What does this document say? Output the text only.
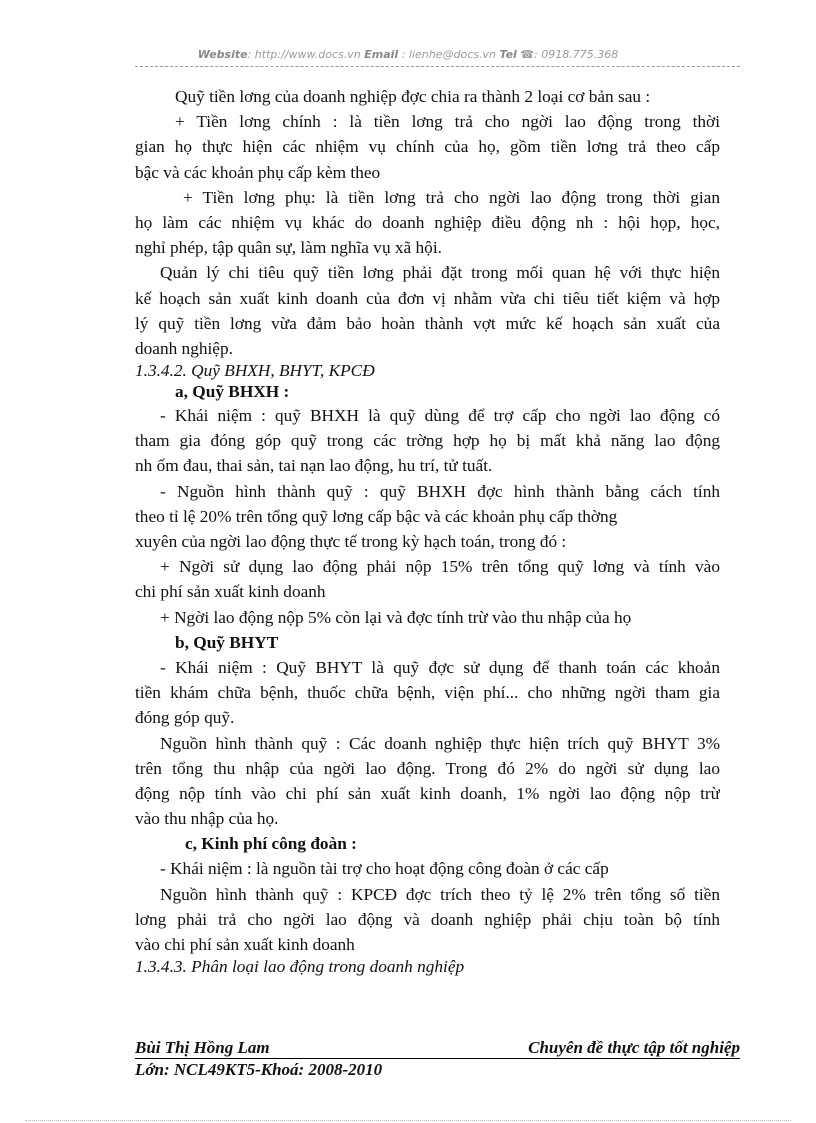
Website: http://www.docs.vn Email : lienhe@docs.vn Tel ☎: 0918.775.368
Quỹ tiền lơng của doanh nghiệp đợc chia ra thành 2 loại cơ bản sau :
+ Tiền lơng chính : là tiền lơng trả cho ngời lao động trong thời
gian họ thực hiện các nhiệm vụ chính của họ, gồm tiền lơng trả theo cấp
bậc và các khoản phụ cấp kèm theo
+ Tiền lơng phụ: là tiền lơng trả cho ngời lao động trong thời gian
họ làm các nhiệm vụ khác do doanh nghiệp điều động nh : hội họp, học,
nghỉ phép, tập quân sự, làm nghĩa vụ xã hội.
Quản lý chi tiêu quỹ tiền lơng phải đặt trong mối quan hệ với thực hiện
kế hoạch sản xuất kinh doanh của đơn vị nhằm vừa chi tiêu tiết kiệm và hợp
lý quỹ tiền lơng vừa đảm bảo hoàn thành vợt mức kế hoạch sản xuất của
doanh nghiệp.
1.3.4.2. Quỹ BHXH, BHYT, KPCĐ
a, Quỹ BHXH :
- Khái niệm : quỹ BHXH là quỹ dùng để trợ cấp cho ngời lao động có
tham gia đóng góp quỹ trong các trờng hợp họ bị mất khả năng lao động
nh ốm đau, thai sản, tai nạn lao động, hu trí, tử tuất.
- Nguồn hình thành quỹ : quỹ BHXH đợc hình thành bằng cách tính
theo tỉ lệ 20% trên tổng quỹ lơng cấp bậc và các khoản phụ cấp thờng
xuyên của ngời lao động thực tế trong kỳ hạch toán, trong đó :
+ Ngời sử dụng lao động phải nộp 15% trên tổng quỹ lơng và tính vào
chi phí sản xuất kinh doanh
+ Ngời lao động nộp 5% còn lại và đợc tính trừ vào thu nhập của họ
b, Quỹ BHYT
- Khái niệm : Quỹ BHYT là quỹ đợc sử dụng để thanh toán các khoản
tiền khám chữa bệnh, thuốc chữa bệnh, viện phí... cho những ngời tham gia
đóng góp quỹ.
Nguồn hình thành quỹ : Các doanh nghiệp thực hiện trích quỹ BHYT 3%
trên tổng thu nhập của ngời lao động. Trong đó 2% do ngời sử dụng lao
động nộp tính vào chi phí sản xuất kinh doanh, 1% ngời lao động nộp trừ
vào thu nhập của họ.
c, Kinh phí công đoàn :
- Khái niệm : là nguồn tài trợ cho hoạt động công đoàn ở các cấp
Nguồn hình thành quỹ : KPCĐ đợc trích theo tỷ lệ 2% trên tổng số tiền
lơng phải trả cho ngời lao động và doanh nghiệp phải chịu toàn bộ tính
vào chi phí sản xuất kinh doanh
1.3.4.3. Phân loại lao động trong doanh nghiệp
Bùi Thị Hồng Lam	Chuyên đề thực tập tốt nghiệp
Lớn: NCL49KT5-Khoá: 2008-2010
